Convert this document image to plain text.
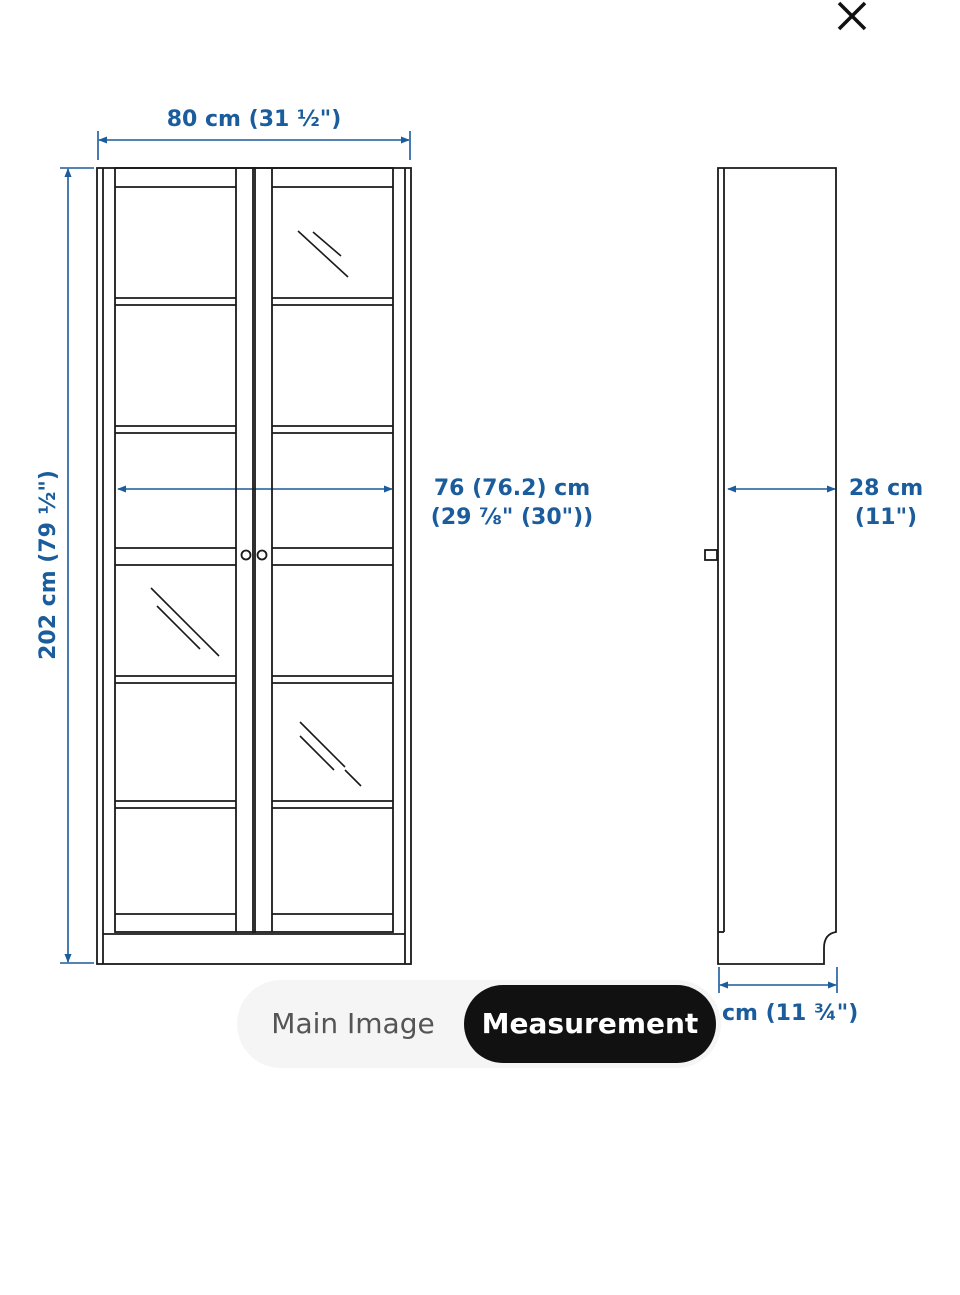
80 cm (31 ½")
202 cm (79 ½")	76 (76.2) cm
(29 ⅞" (30"))
28 cm
(11")
cm (11 ¾")
Main Image	Measurement
